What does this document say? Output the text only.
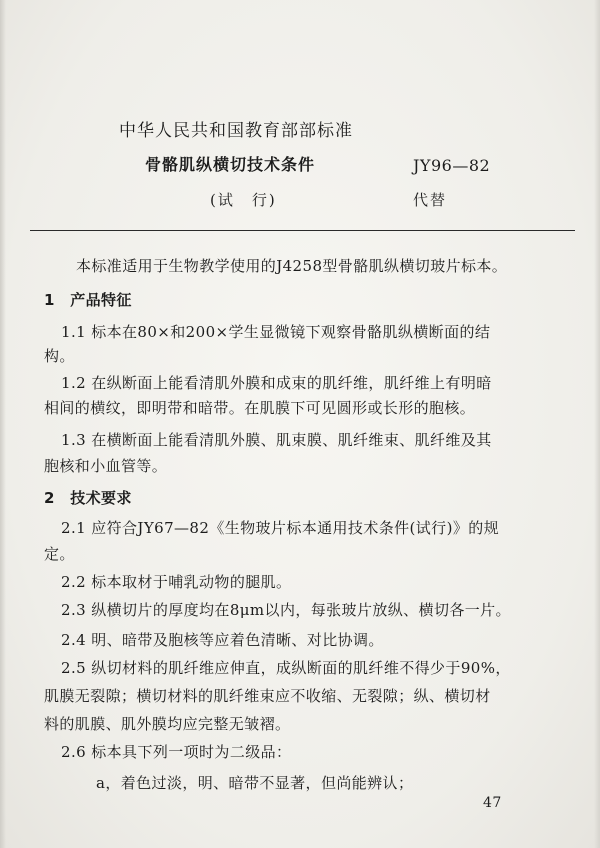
中华人民共和国教育部部标准
骨骼肌纵横切技术条件	JY96—82
(试　行)	代替
本标准适用于生物教学使用的J4258型骨骼肌纵横切玻片标本。
1　产品特征
1.1 标本在80×和200×学生显微镜下观察骨骼肌纵横断面的结
构。
1.2 在纵断面上能看清肌外膜和成束的肌纤维，肌纤维上有明暗
相间的横纹，即明带和暗带。在肌膜下可见圆形或长形的胞核。
1.3 在横断面上能看清肌外膜、肌束膜、肌纤维束、肌纤维及其
胞核和小血管等。
2　技术要求
2.1 应符合JY67—82《生物玻片标本通用技术条件(试行)》的规
定。
2.2 标本取材于哺乳动物的腿肌。
2.3 纵横切片的厚度均在8μm以内，每张玻片放纵、横切各一片。
2.4 明、暗带及胞核等应着色清晰、对比协调。
2.5 纵切材料的肌纤维应伸直，成纵断面的肌纤维不得少于90%，
肌膜无裂隙；横切材料的肌纤维束应不收缩、无裂隙；纵、横切材
料的肌膜、肌外膜均应完整无皱褶。
2.6 标本具下列一项时为二级品：
a，着色过淡，明、暗带不显著，但尚能辨认；
47
